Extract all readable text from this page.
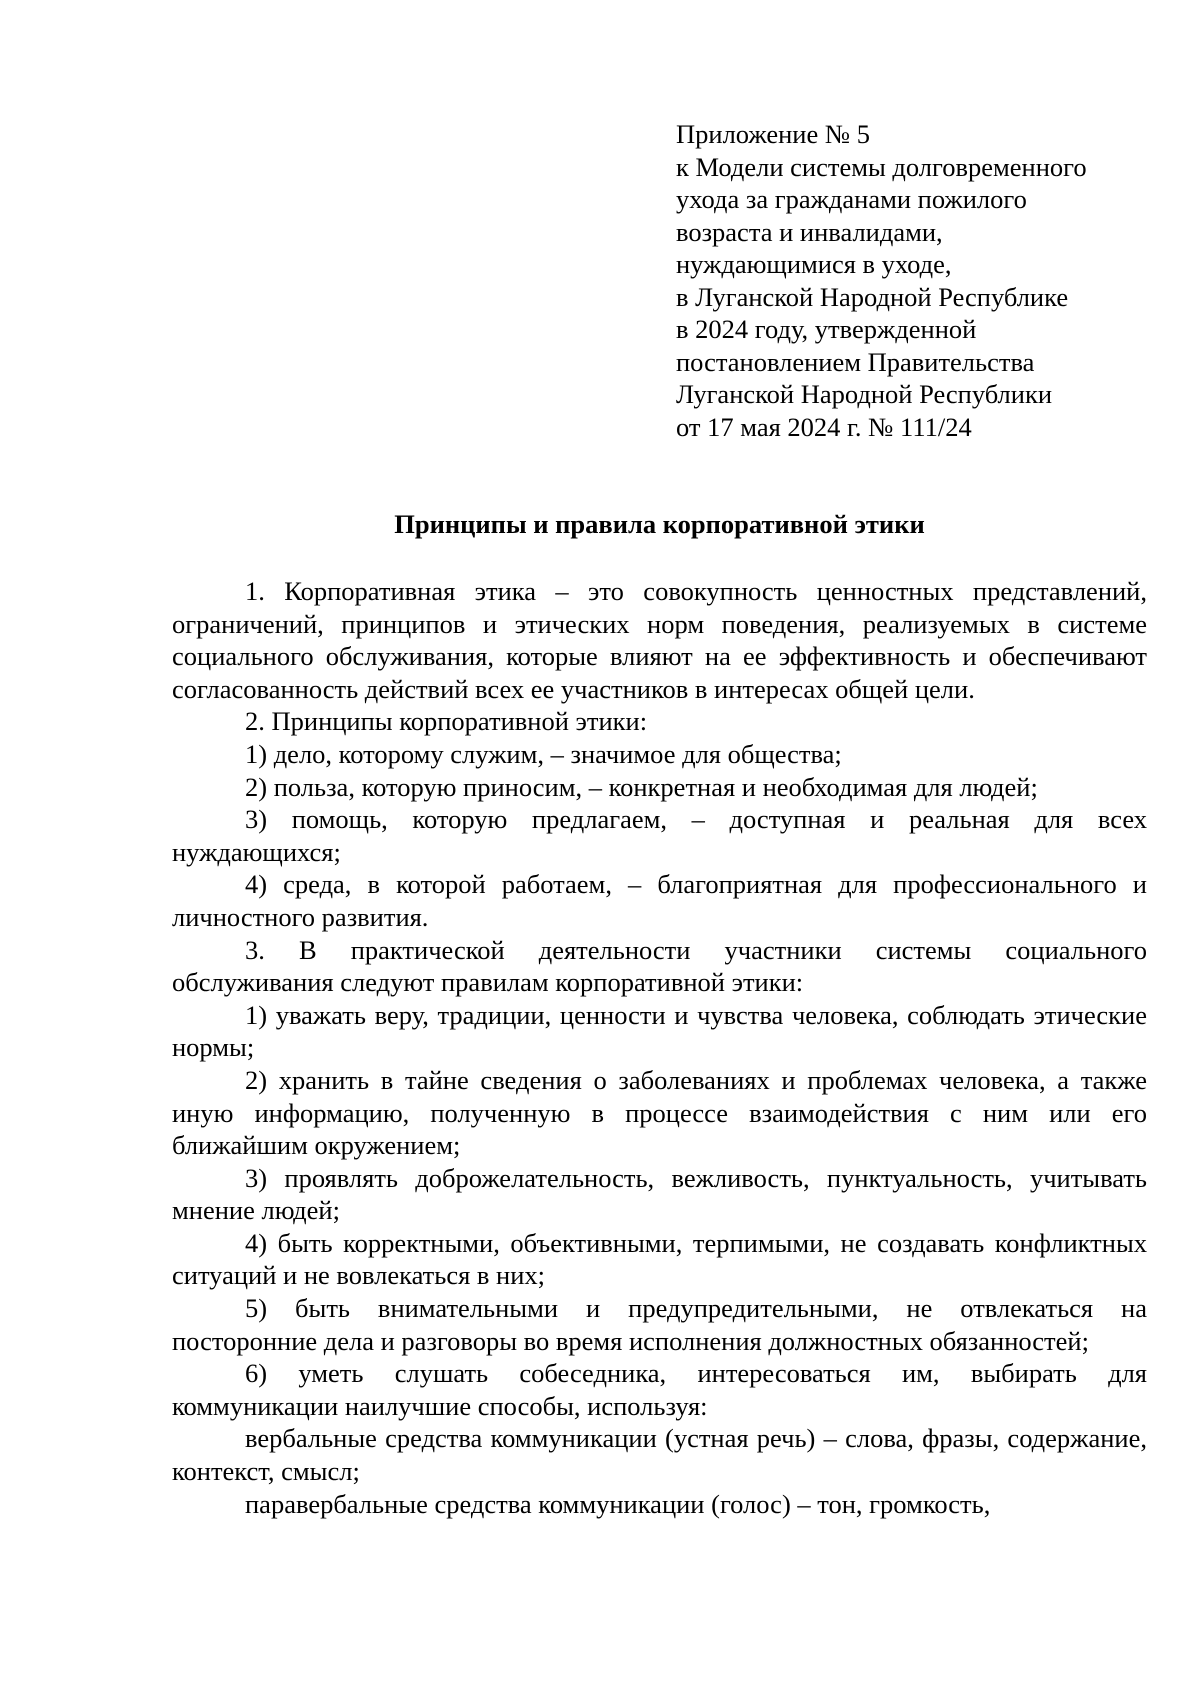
Приложение № 5
к Модели системы долговременного
ухода за гражданами пожилого
возраста и инвалидами,
нуждающимися в уходе,
в Луганской Народной Республике
в 2024 году, утвержденной
постановлением Правительства
Луганской Народной Республики
от 17 мая 2024 г. № 111/24
Принципы и правила корпоративной этики

1. Корпоративная этика – это совокупность ценностных представлений, ограничений, принципов и этических норм поведения, реализуемых в системе социального обслуживания, которые влияют на ее эффективность и обеспечивают согласованность действий всех ее участников в интересах общей цели.

2. Принципы корпоративной этики:

1) дело, которому служим, – значимое для общества;

2) польза, которую приносим, – конкретная и необходимая для людей;

3) помощь, которую предлагаем, – доступная и реальная для всех нуждающихся;

4) среда, в которой работаем, – благоприятная для профессионального и личностного развития.

3. В практической деятельности участники системы социального обслуживания следуют правилам корпоративной этики:

1) уважать веру, традиции, ценности и чувства человека, соблюдать этические нормы;

2) хранить в тайне сведения о заболеваниях и проблемах человека, а также иную информацию, полученную в процессе взаимодействия с ним или его ближайшим окружением;

3) проявлять доброжелательность, вежливость, пунктуальность, учитывать мнение людей;

4) быть корректными, объективными, терпимыми, не создавать конфликтных ситуаций и не вовлекаться в них;

5) быть внимательными и предупредительными, не отвлекаться на посторонние дела и разговоры во время исполнения должностных обязанностей;

6) уметь слушать собеседника, интересоваться им, выбирать для коммуникации наилучшие способы, используя:

вербальные средства коммуникации (устная речь) – слова, фразы, содержание, контекст, смысл;

паравербальные средства коммуникации (голос) – тон, громкость,
